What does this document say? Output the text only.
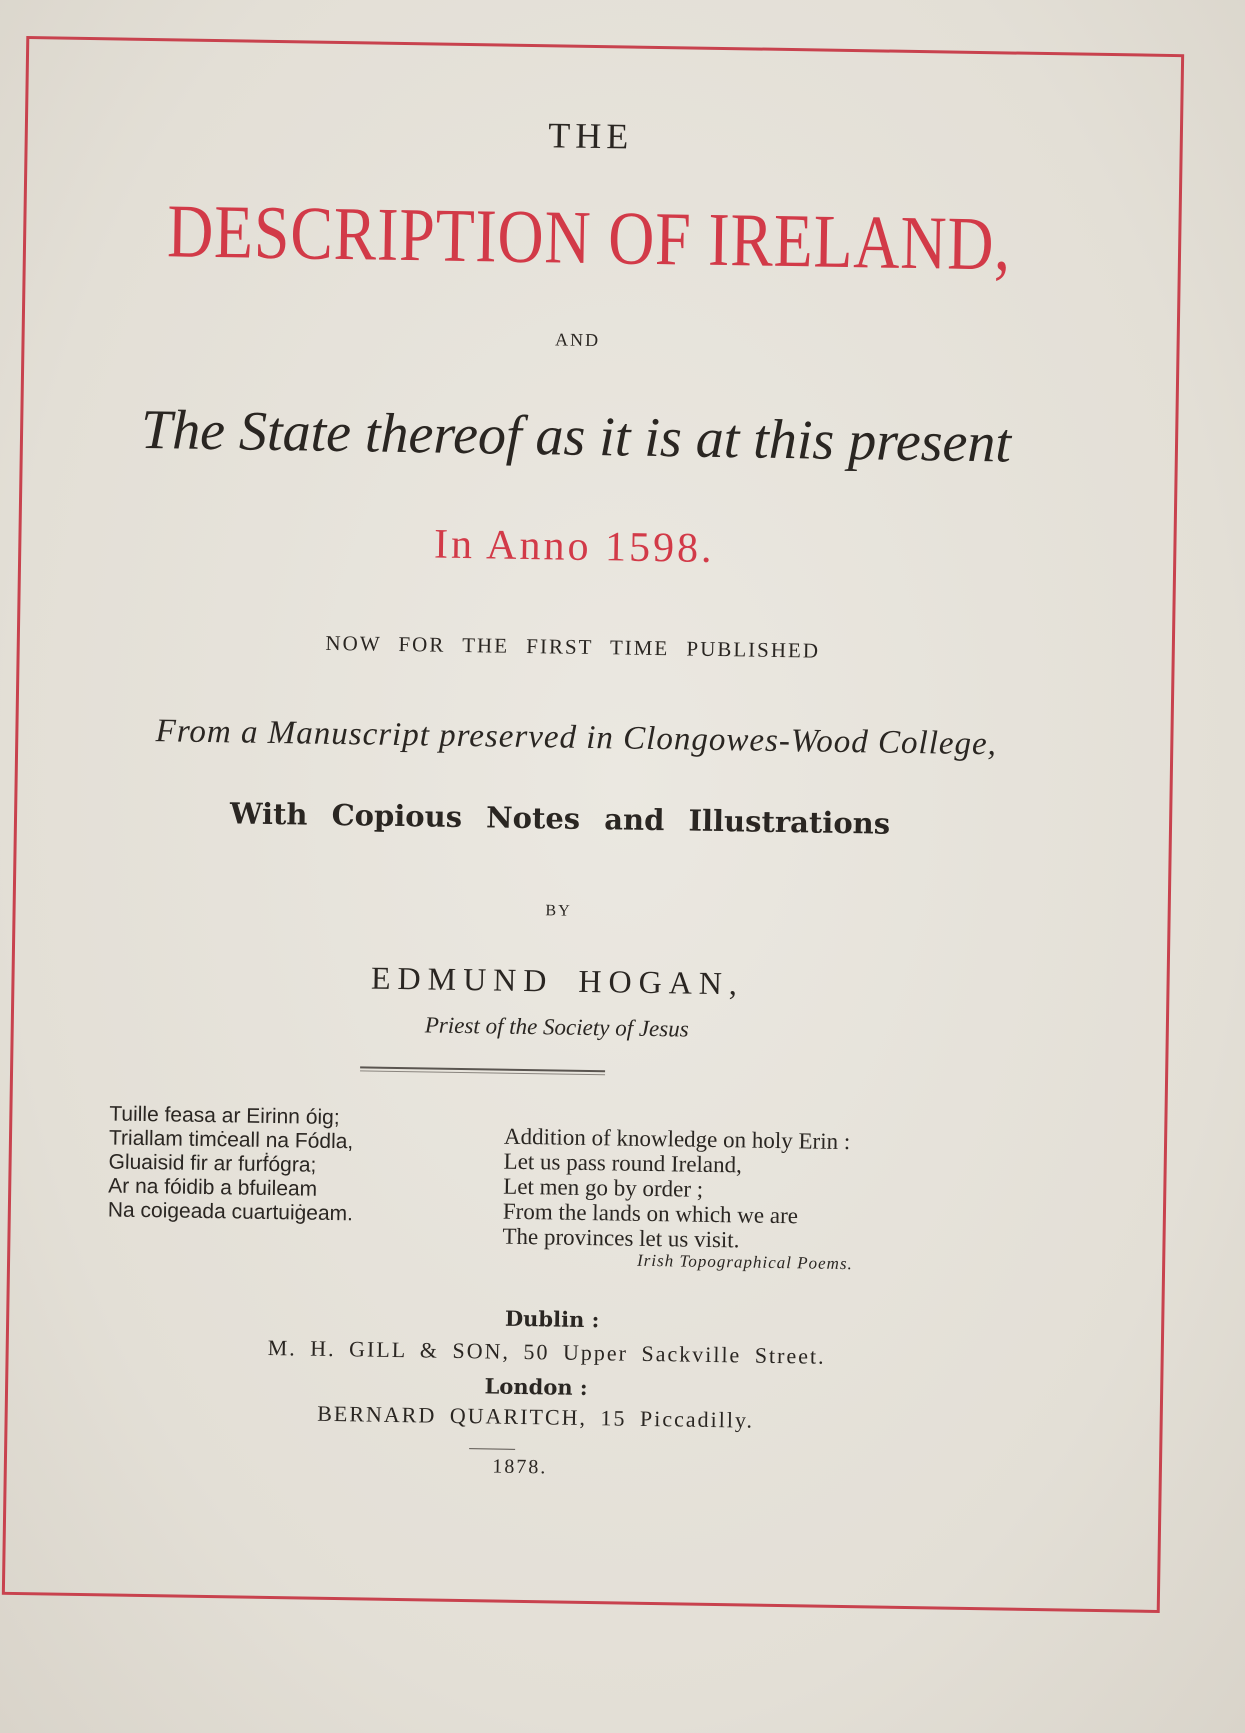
THE
DESCRIPTION OF IRELAND,
AND
The State thereof as it is at this present
In Anno 1598.
NOW FOR THE FIRST TIME PUBLISHED
From a Manuscript preserved in Clongowes-Wood College,
With Copious Notes and Illustrations
BY
EDMUND HOGAN,
Priest of the Society of Jesus
Tuille feasa ar Eirinn óig;
Triallam timċeall na Fódla,
Gluaisid fir ar furḟógra;
Ar na fóidib a bfuileam
Na coigeada cuartuiġeam.
Addition of knowledge on holy Erin :
Let us pass round Ireland,
Let men go by order ;
From the lands on which we are
The provinces let us visit.
Irish Topographical Poems.
Dublin :
M. H. GILL & SON, 50 Upper Sackville Street.
London :
BERNARD QUARITCH, 15 Piccadilly.
1878.
